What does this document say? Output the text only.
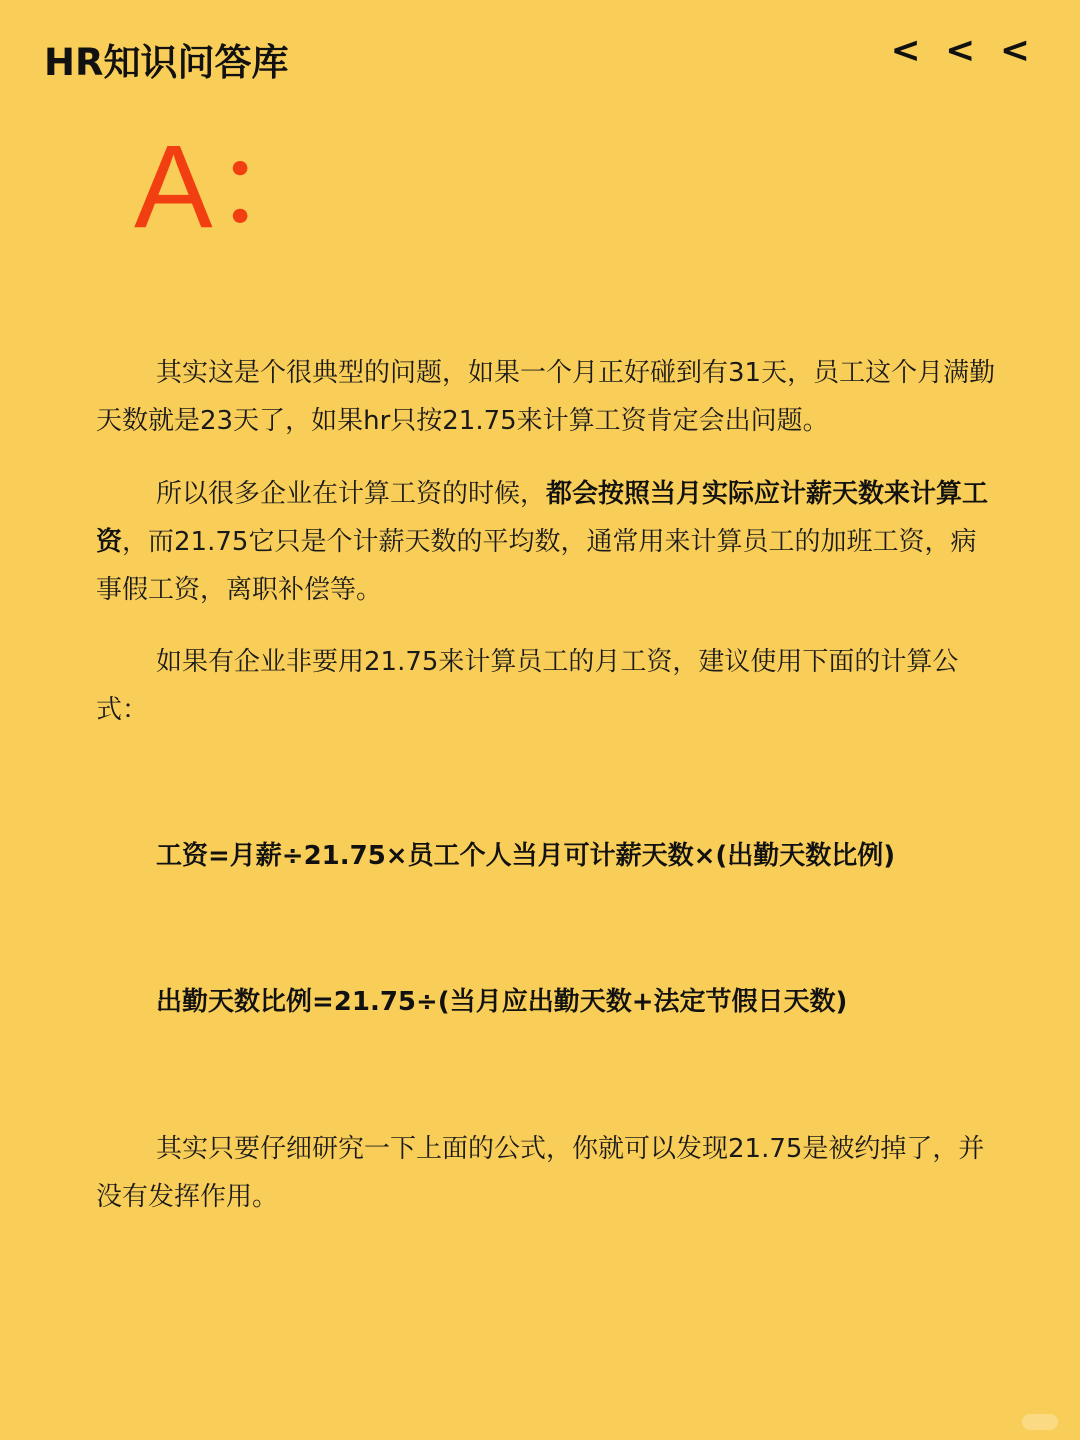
HR知识问答库	< < <
A：

其实这是个很典型的问题，如果一个月正好碰到有31天，员工这个月满勤天数就是23天了，如果hr只按21.75来计算工资肯定会出问题。

所以很多企业在计算工资的时候，都会按照当月实际应计薪天数来计算工资，而21.75它只是个计薪天数的平均数，通常用来计算员工的加班工资，病事假工资，离职补偿等。

如果有企业非要用21.75来计算员工的月工资，建议使用下面的计算公式：

工资=月薪÷21.75×员工个人当月可计薪天数×(出勤天数比例)
出勤天数比例=21.75÷(当月应出勤天数+法定节假日天数)

其实只要仔细研究一下上面的公式，你就可以发现21.75是被约掉了，并没有发挥作用。
